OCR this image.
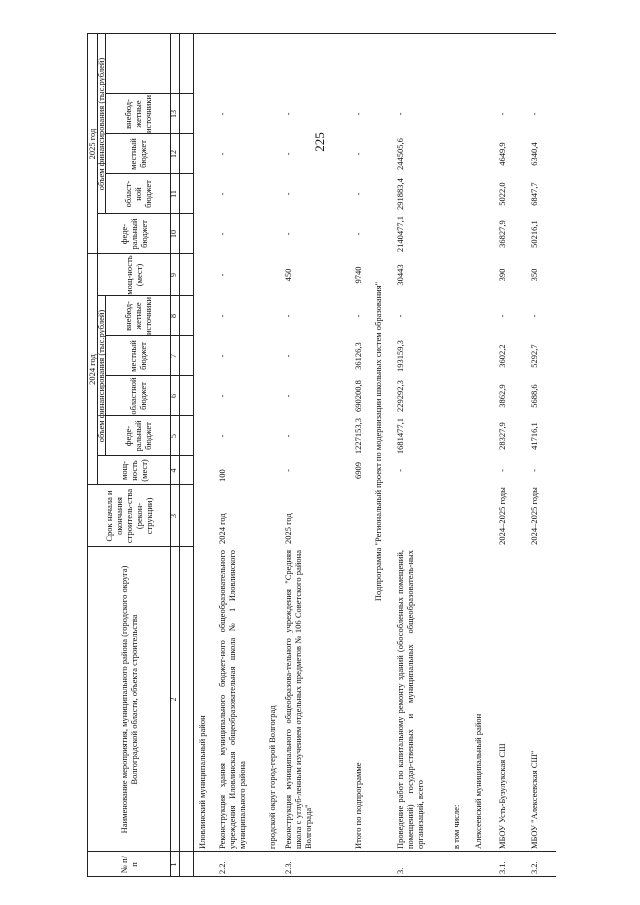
225
№ п/п
Наименование мероприятия, муниципального района (городского округа) Волгоградской области, объекта строительства
Срок начала и окончания строитель-ства (рекон-струкции)
2024 год
2025 год
мощ-ность (мест)
объем финансирования (тыс.рублей)	феде-ральный бюджет
областной бюджет
местный бюджет
внебюд-жетные источники
мощ-ность (мест)
феде-ральный бюджет
объем финансирования (тыс.рублей)
област-ной бюджет
местный бюджет
внебюд-жетные источники
1
2
3
4
5
6
7
8
9
10
11
12
13
Иловлинский муниципальный район
2.2.
Реконструкция здания муниципального бюджет-ного общеобразовательного учреждения Иловлинская общеобразовательная школа № 1 Иловлинского муниципального района
2024 год
100
-
-
-
-
-
-
-
-
-
городской округ город-герой Волгоград
2.3.
Реконструкция муниципального общеобразова-тельного учреждения "Средняя школа с углуб-ленным изучением отдельных предметов № 106 Советского района Волгограда"
2025 год
-
-
-
-
-
450
-
-
-
-
Итого по подпрограмме
6909
1227153,3
690200,8
36126,3
-
9740
-
-
-
-
Подпрограмма "Региональный проект по модернизации школьных систем образования"
3.
Проведение работ по капитальному ремонту зданий (обособленных помещений, помещений) государ-ственных и муниципальных общеобразователь-ных организаций, всего
-
1681477,1
229292,3
193159,3
-
30443
2140477,1
291883,4
244505,6
-
в том числе: Алексеевский муниципальный район
3.1.
МБОУ Усть-Бузулукская СШ
2024–2025 годы
-
28327,9
3862,9
3602,2
-
390
36827,9
5022,0
4649,9
-
3.2.
МБОУ "Алексеевская СШ"
2024–2025 годы
-
41716,1
5688,6
5292,7
-
350
50216,1
6847,7
6340,4
-
